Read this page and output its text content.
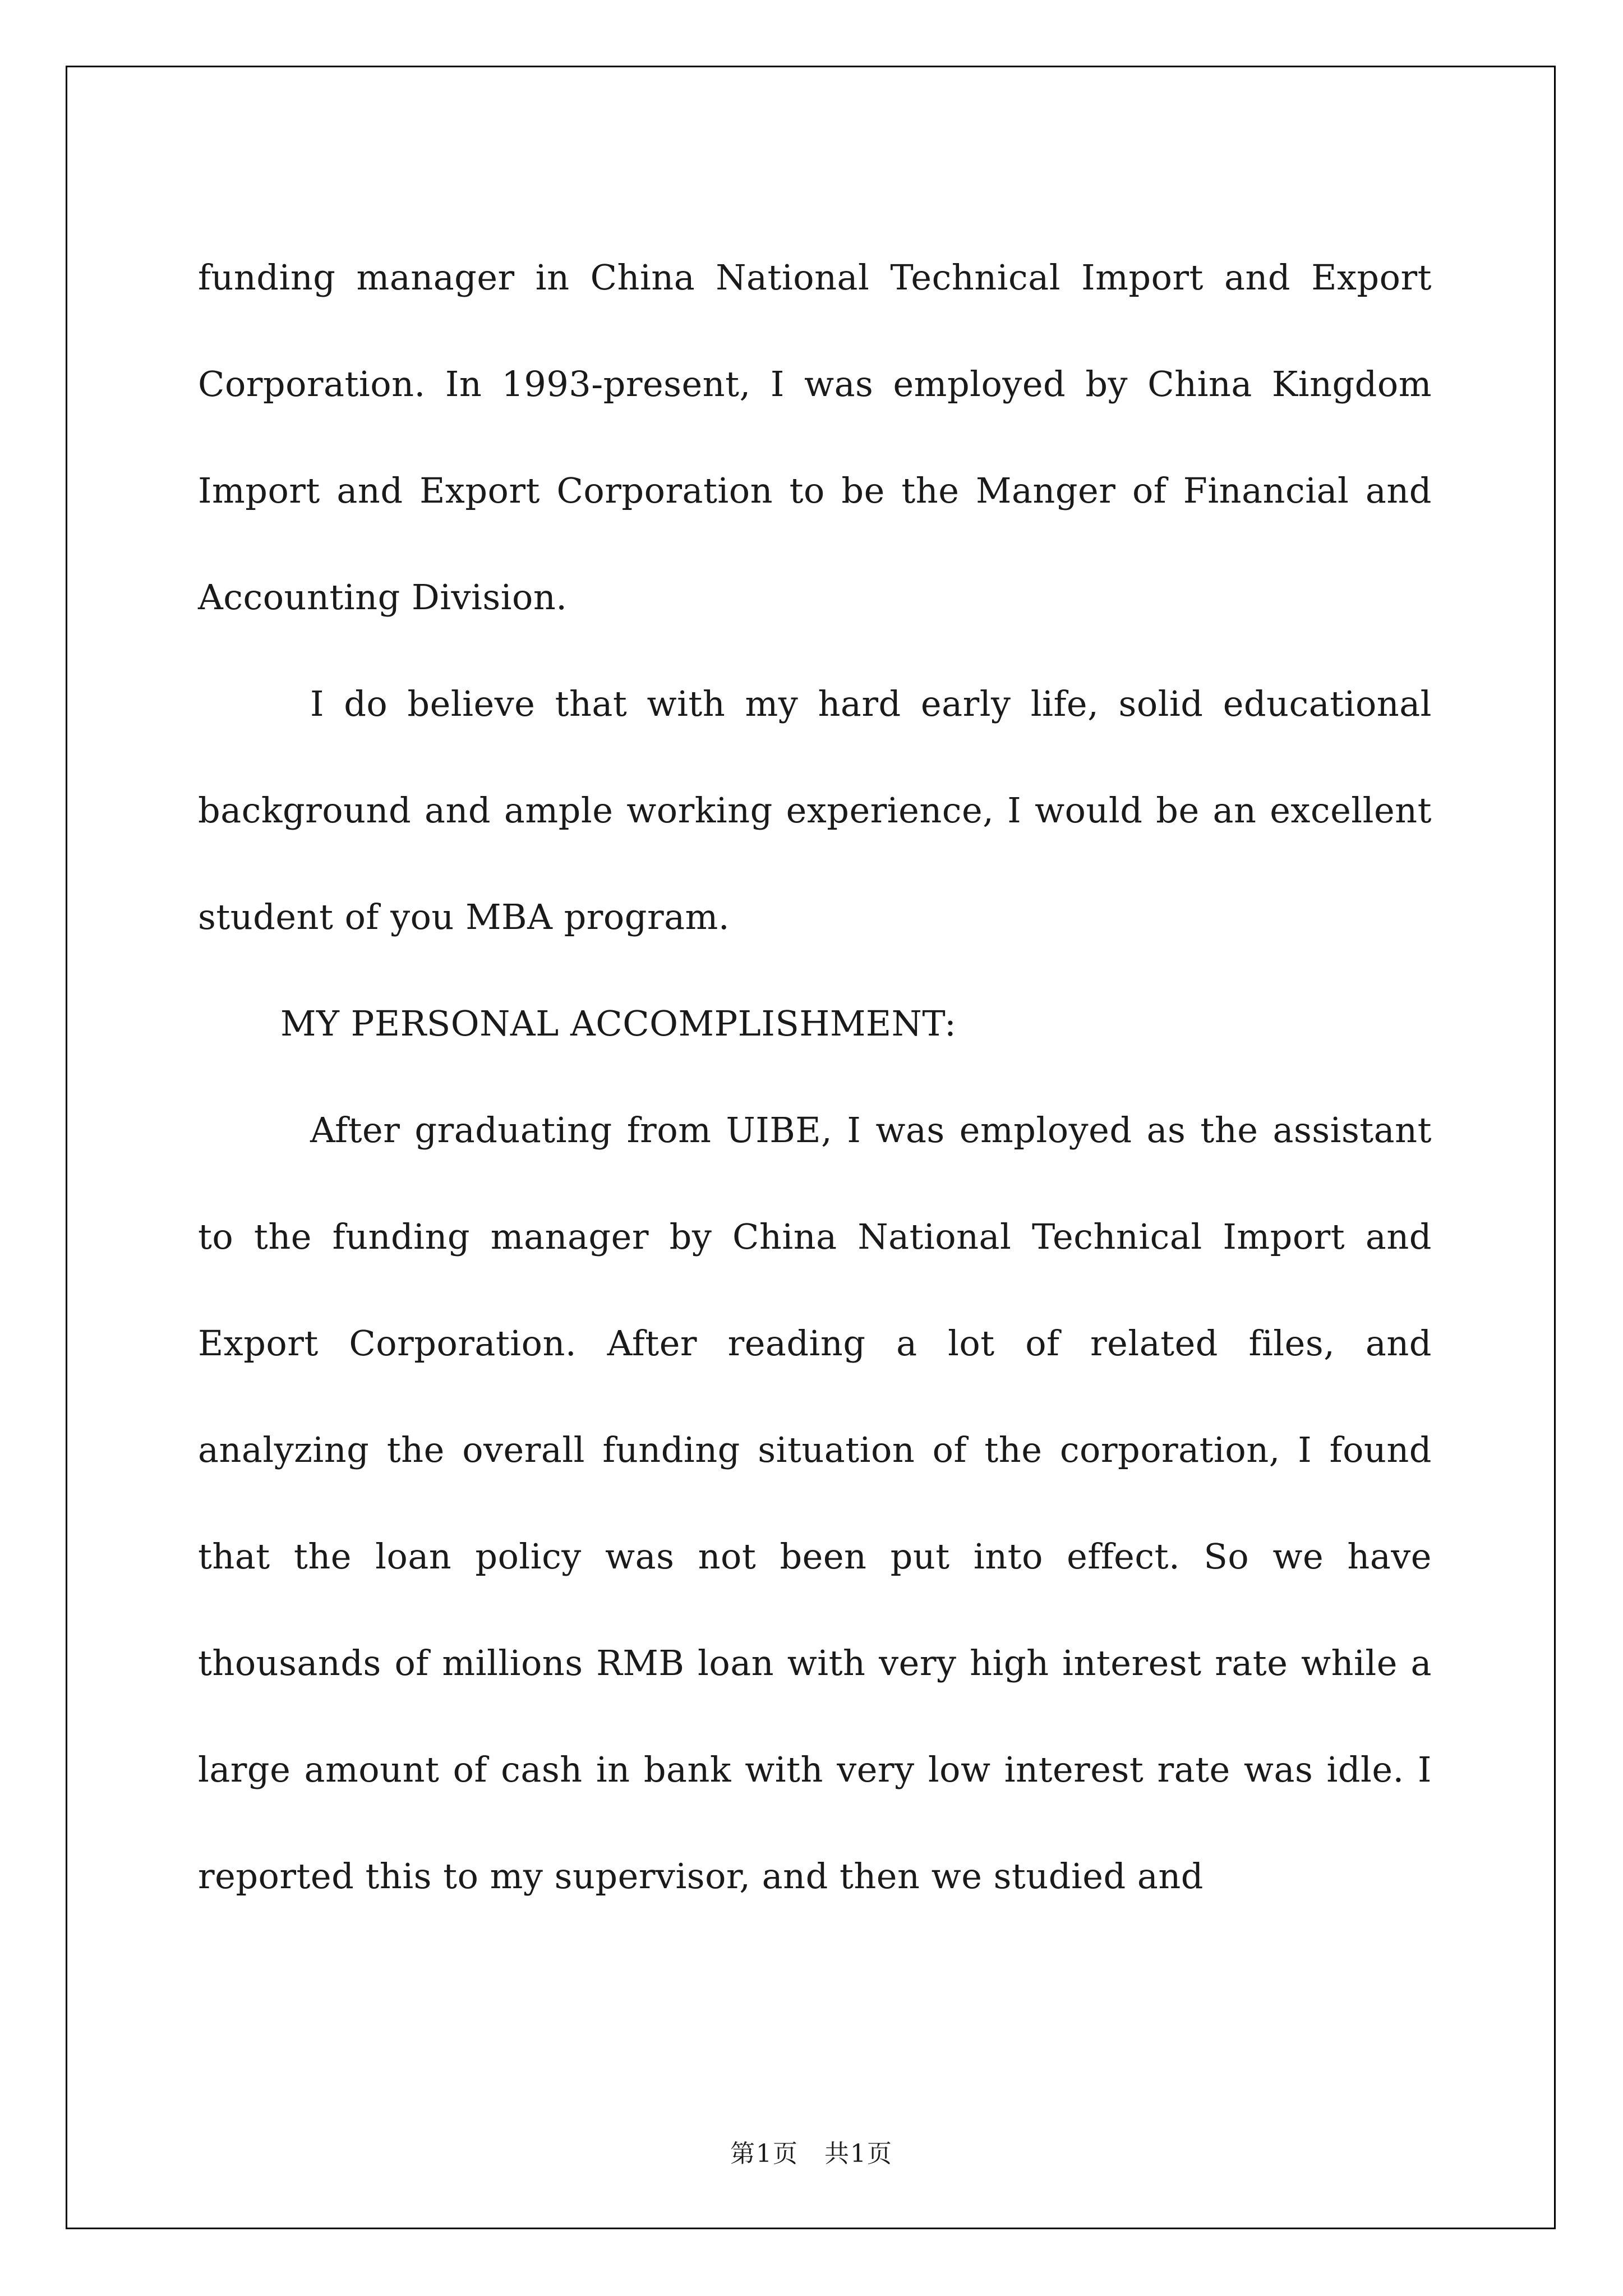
funding manager in China National Technical Import and Export Corporation. In 1993-present, I was employed by China Kingdom Import and Export Corporation to be the Manger of Financial and Accounting Division.

I do believe that with my hard early life, solid educational background and ample working experience, I would be an excellent student of you MBA program.

MY PERSONAL ACCOMPLISHMENT:

After graduating from UIBE, I was employed as the assistant to the funding manager by China National Technical Import and Export Corporation. After reading a lot of related files, and analyzing the overall funding situation of the corporation, I found that the loan policy was not been put into effect. So we have thousands of millions RMB loan with very high interest rate while a large amount of cash in bank with very low interest rate was idle. I reported this to my supervisor, and then we studied and

第1页　共1页
